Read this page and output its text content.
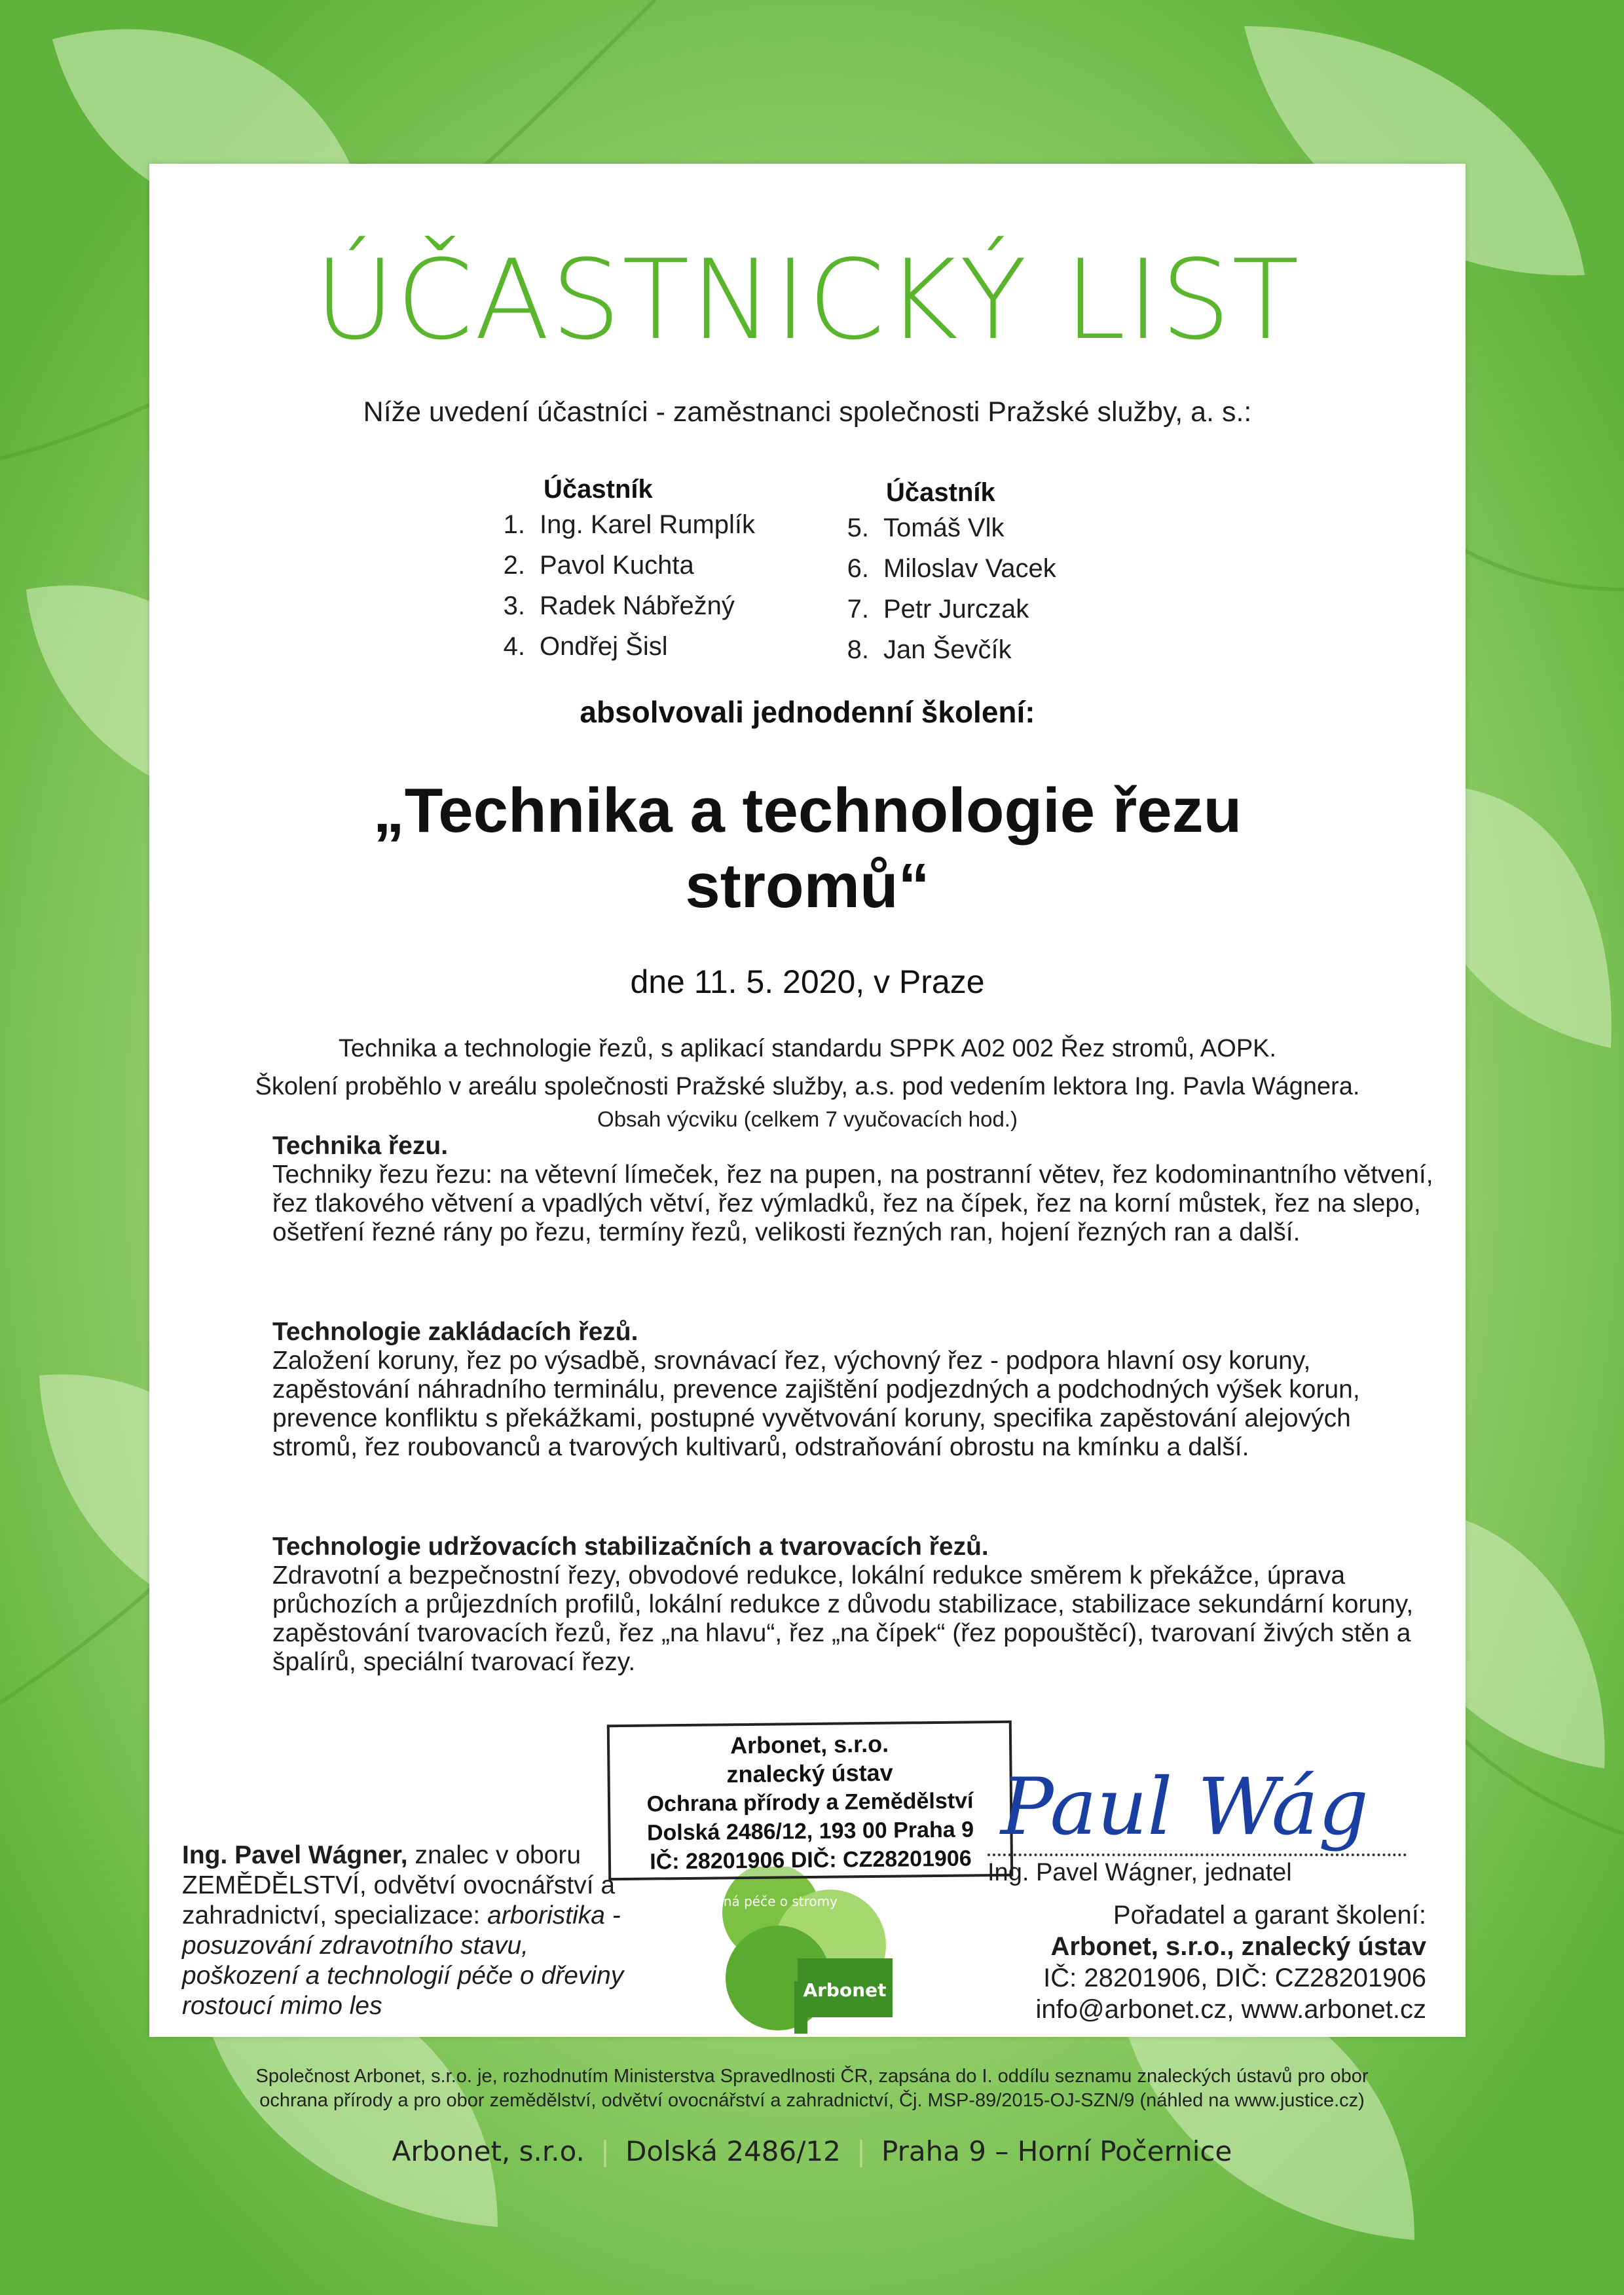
ÚČASTNICKÝ LIST
Níže uvedení účastníci - zaměstnanci společnosti Pražské služby, a. s.:
Účastník
1. Ing. Karel Rumplík
2. Pavol Kuchta
3. Radek Nábřežný
4. Ondřej Šisl
Účastník
5. Tomáš Vlk
6. Miloslav Vacek
7. Petr Jurczak
8. Jan Ševčík
absolvovali jednodenní školení:
„Technika a technologie řezu stromů“
dne 11. 5. 2020, v Praze
Technika a technologie řezů, s aplikací standardu SPPK A02 002 Řez stromů, AOPK.
Školení proběhlo v areálu společnosti Pražské služby, a.s. pod vedením lektora Ing. Pavla Wágnera.
Obsah výcviku (celkem 7 vyučovacích hod.)
Technika řezu.

Techniky řezu řezu: na větevní límeček, řez na pupen, na postranní větev, řez kodominantního větvení, řez tlakového větvení a vpadlých větví, řez výmladků, řez na čípek, řez na korní můstek, řez na slepo, ošetření řezné rány po řezu, termíny řezů, velikosti řezných ran, hojení řezných ran a další.

Technologie zakládacích řezů.

Založení koruny, řez po výsadbě, srovnávací řez, výchovný řez - podpora hlavní osy koruny, zapěstování náhradního terminálu, prevence zajištění podjezdných a podchodných výšek korun, prevence konfliktu s překážkami, postupné vyvětvování koruny, specifika zapěstování alejových stromů, řez roubovanců a tvarových kultivarů, odstraňování obrostu na kmínku a další.

Technologie udržovacích stabilizačních a tvarovacích řezů.

Zdravotní a bezpečnostní řezy, obvodové redukce, lokální redukce směrem k překážce, úprava průchozích a průjezdních profilů, lokální redukce z důvodu stabilizace, stabilizace sekundární koruny, zapěstování tvarovacích řezů, řez „na hlavu“, řez „na čípek“ (řez popouštěcí), tvarovaní živých stěn a špalírů, speciální tvarovací řezy.

Ing. Pavel Wágner, znalec v oboru
ZEMĚDĚLSTVÍ, odvětví ovocnářství a
zahradnictví, specializace: arboristika -
posuzování zdravotního stavu,
poškození a technologií péče o dřeviny
rostoucí mimo les
odborná péče o stromy
Arbonet
Arbonet, s.r.o.
znalecký ústav
Ochrana přírody a Zemědělství
Dolská 2486/12, 193 00 Praha 9
IČ: 28201906 DIČ: CZ28201906
Paul Wág
Ing. Pavel Wágner, jednatel
Pořadatel a garant školení:
Arbonet, s.r.o., znalecký ústav
IČ: 28201906, DIČ: CZ28201906
info@arbonet.cz, www.arbonet.cz
Společnost Arbonet, s.r.o. je, rozhodnutím Ministerstva Spravedlnosti ČR, zapsána do I. oddílu seznamu znaleckých ústavů pro obor
ochrana přírody a pro obor zemědělství, odvětví ovocnářství a zahradnictví, Čj. MSP-89/2015-OJ-SZN/9 (náhled na www.justice.cz)
Arbonet, s.r.o. | Dolská 2486/12 | Praha 9 – Horní Počernice
